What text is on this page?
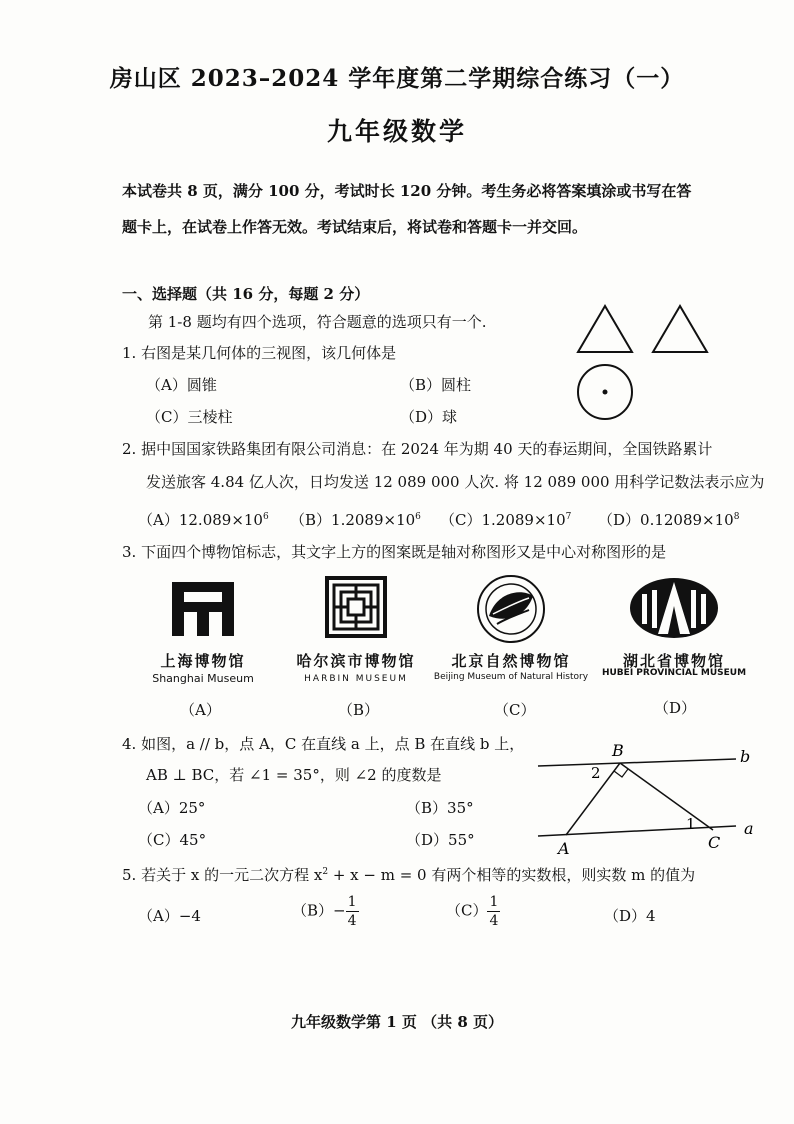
房山区 2023–2024 学年度第二学期综合练习（一）
九年级数学
本试卷共 8 页，满分 100 分，考试时长 120 分钟。考生务必将答案填涂或书写在答
题卡上，在试卷上作答无效。考试结束后，将试卷和答题卡一并交回。
一、选择题（共 16 分，每题 2 分）
第 1-8 题均有四个选项，符合题意的选项只有一个.
1. 右图是某几何体的三视图，该几何体是
（A）圆锥	（B）圆柱
（C）三棱柱	（D）球
2. 据中国国家铁路集团有限公司消息：在 2024 年为期 40 天的春运期间，全国铁路累计
发送旅客 4.84 亿人次，日均发送 12 089 000 人次. 将 12 089 000 用科学记数法表示应为
$(A)12.089\times 10^6$ $(B)1.2089\times 10^6$ $(C)1.2089\times 10^7$ $(D)0.12089\times 10^8$
3. 下面四个博物馆标志，其文字上方的图案既是轴对称图形又是中心对称图形的是
上海博物馆
Shanghai Museum
（A）
哈尔滨市博物馆
HARBIN MUSEUM
（B）
北京自然博物馆
Beijing Museum of Natural History
（C）
湖北省博物馆
HUBEI PROVINCIAL MUSEUM
（D）
4. 如图，a // b，点 A，C 在直线 a 上，点 B 在直线 b 上，
AB ⊥ BC，若 ∠1 = 35°，则 ∠2 的度数是
（A）25°	（B）35°
（C）45°	（D）55°
B
A	C
b
a
1
2
5. 若关于 x 的一元二次方程 $x^2 + x - m = 0$ 有两个相等的实数根，则实数 m 的值为
（A）−4	$(B)- \frac{1}{4}$	$(C) \frac{1}{4}$	（D）4
九年级数学第 1 页 （共 8 页）
